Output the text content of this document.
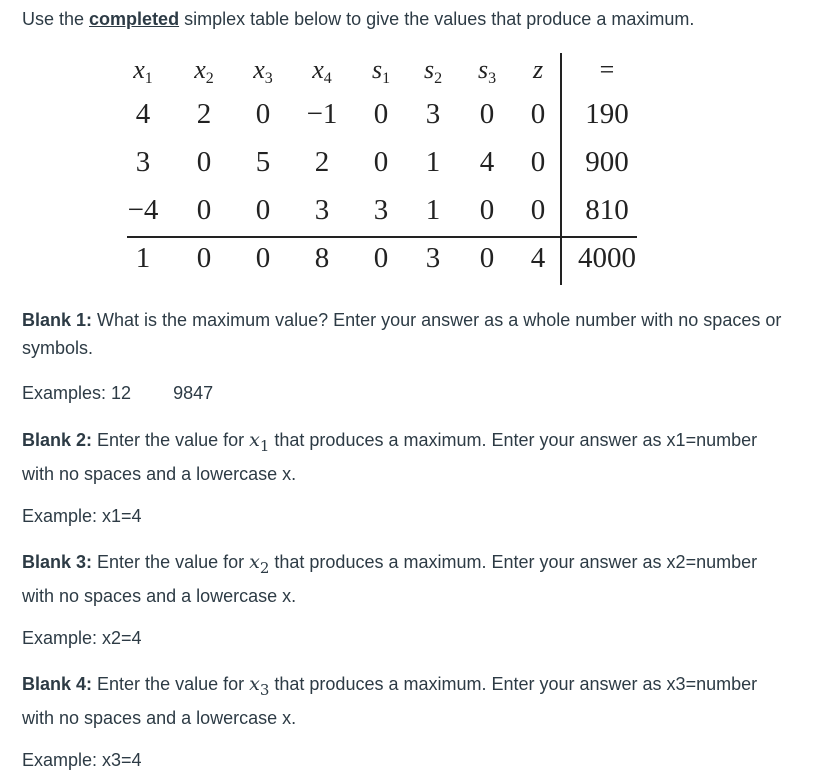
Use the completed simplex table below to give the values that produce a maximum.
$x_1$	$x_2$	$x_3$	$x_4$	$s_1$	$s_2$	$s_3$	z	=
4	2	0	−1	0	3	0	0	190
3	0	5	2	0	1	4	0	900
−4	0	0	3	3	1	0	0	810
1	0	0	8	0	3	0	4	4000
Blank 1: What is the maximum value? Enter your answer as a whole number with no spaces or symbols.
Examples: 12 9847
Blank 2: Enter the value for $x_1$ that produces a maximum. Enter your answer as x1=number with no spaces and a lowercase x.
Example: x1=4
Blank 3: Enter the value for $x_2$ that produces a maximum. Enter your answer as x2=number with no spaces and a lowercase x.
Example: x2=4
Blank 4: Enter the value for $x_3$ that produces a maximum. Enter your answer as x3=number with no spaces and a lowercase x.
Example: x3=4
